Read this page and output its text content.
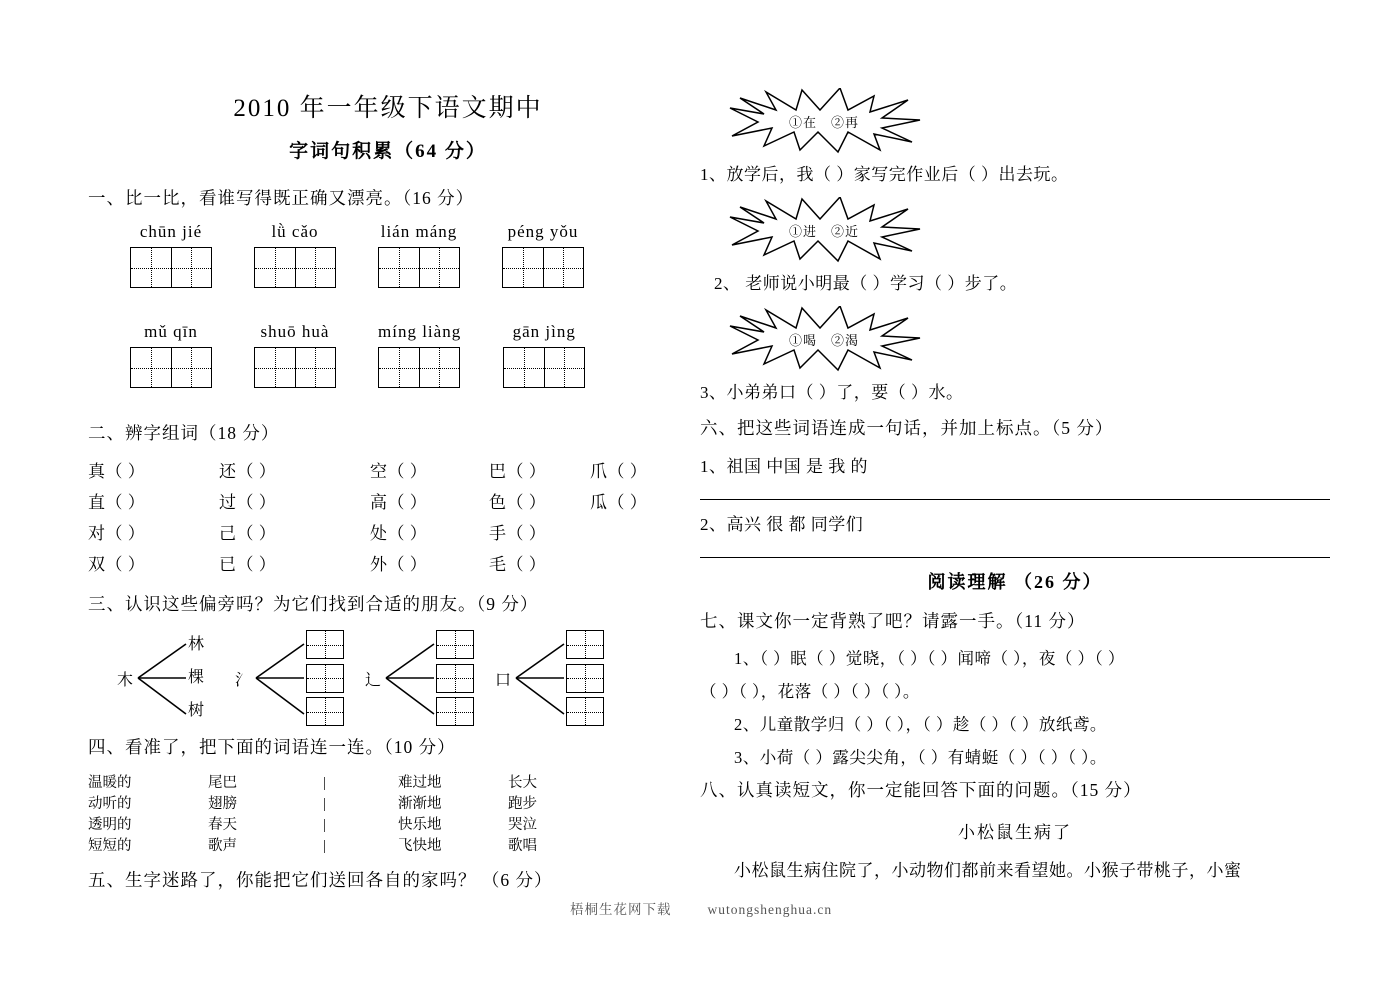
2010 年一年级下语文期中
字词句积累（64 分）
一、比一比，看谁写得既正确又漂亮。（16 分）
chūn jié	lǜ cǎo	lián máng	péng yǒu
mǔ qīn	shuō huà	míng liàng	gān jìng
二、辨字组词（18 分）
真（ ）	还（ ）	空（ ）	巴（ ）	爪（ ）
直（ ）	过（ ）	高（ ）	色（ ）	瓜（ ）
对（ ）	己（ ）	处（ ）	手（ ）
双（ ）	已（ ）	外（ ）	毛（ ）
三、认识这些偏旁吗？为它们找到合适的朋友。（9 分）
木
林
棵
树
氵	辶	口
四、看准了，把下面的词语连一连。（10 分）
温暖的	尾巴	|	难过地	长大
动听的	翅膀	|	渐渐地	跑步
透明的	春天	|	快乐地	哭泣
短短的	歌声	|	飞快地	歌唱
五、生字迷路了，你能把它们送回各自的家吗？ （6 分）
①在 ②再
1、放学后，我（ ）家写完作业后（ ）出去玩。
①进 ②近
2、 老师说小明最（ ）学习（ ）步了。
①喝 ②渴
3、小弟弟口（ ）了，要（ ）水。
六、把这些词语连成一句话，并加上标点。（5 分）
1、祖国 中国 是 我 的
2、高兴 很 都 同学们
阅读理解 （26 分）
七、课文你一定背熟了吧？请露一手。（11 分）
1、（ ）眠（ ）觉晓，（ ）（ ）闻啼（ ），夜（ ）（ ）
（ ）（ ），花落（ ）（ ）（ ）。
2、儿童散学归（ ）（ ），（ ）趁（ ）（ ）放纸鸢。
3、小荷（ ）露尖尖角，（ ）有蜻蜓（ ）（ ）（ ）。
八、认真读短文，你一定能回答下面的问题。（15 分）
小松鼠生病了
小松鼠生病住院了，小动物们都前来看望她。小猴子带桃子，小蜜
梧桐生花网下载	wutongshenghua.cn
